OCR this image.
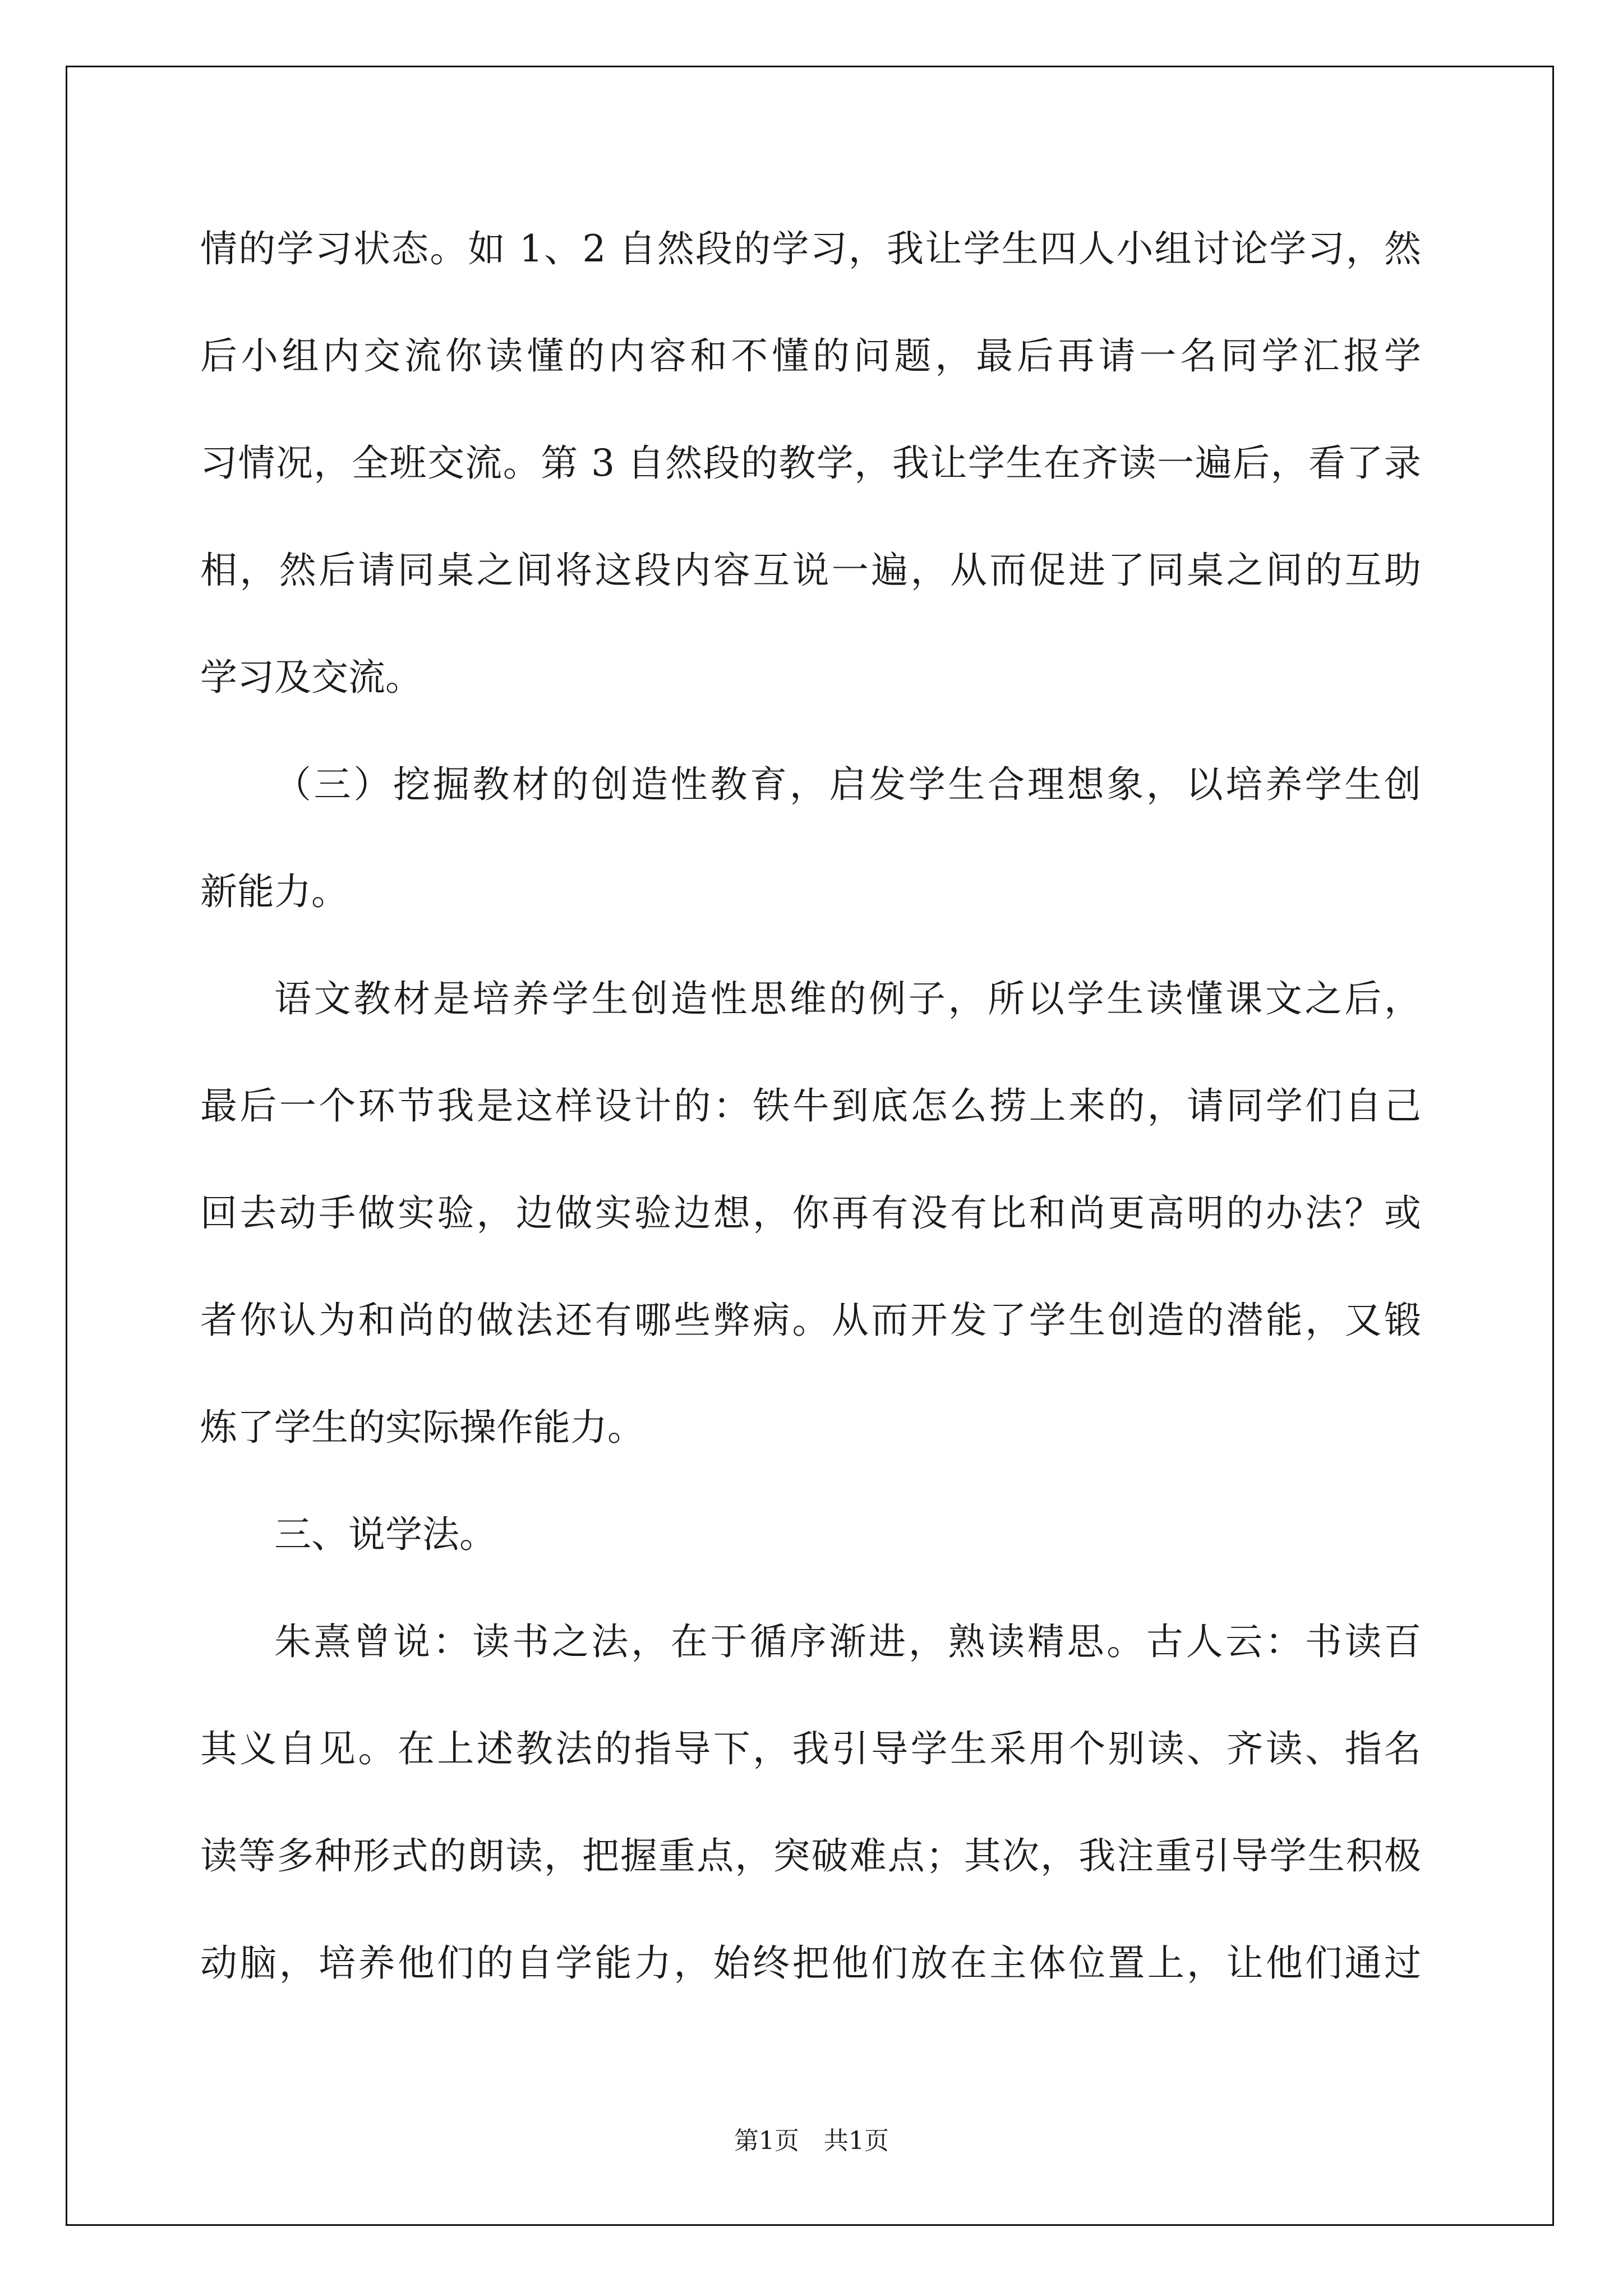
情的学习状态。如 1、2 自然段的学习，我让学生四人小组讨论学习，然
后小组内交流你读懂的内容和不懂的问题，最后再请一名同学汇报学
习情况，全班交流。第 3 自然段的教学，我让学生在齐读一遍后，看了录
相，然后请同桌之间将这段内容互说一遍，从而促进了同桌之间的互助
学习及交流。
（三）挖掘教材的创造性教育，启发学生合理想象，以培养学生创
新能力。
语文教材是培养学生创造性思维的例子，所以学生读懂课文之后，
最后一个环节我是这样设计的：铁牛到底怎么捞上来的，请同学们自己
回去动手做实验，边做实验边想，你再有没有比和尚更高明的办法？或
者你认为和尚的做法还有哪些弊病。从而开发了学生创造的潜能，又锻
炼了学生的实际操作能力。
三、说学法。
朱熹曾说：读书之法，在于循序渐进，熟读精思。古人云：书读百
其义自见。在上述教法的指导下，我引导学生采用个别读、齐读、指名
读等多种形式的朗读，把握重点，突破难点；其次，我注重引导学生积极
动脑，培养他们的自学能力，始终把他们放在主体位置上，让他们通过
第1页　共1页
